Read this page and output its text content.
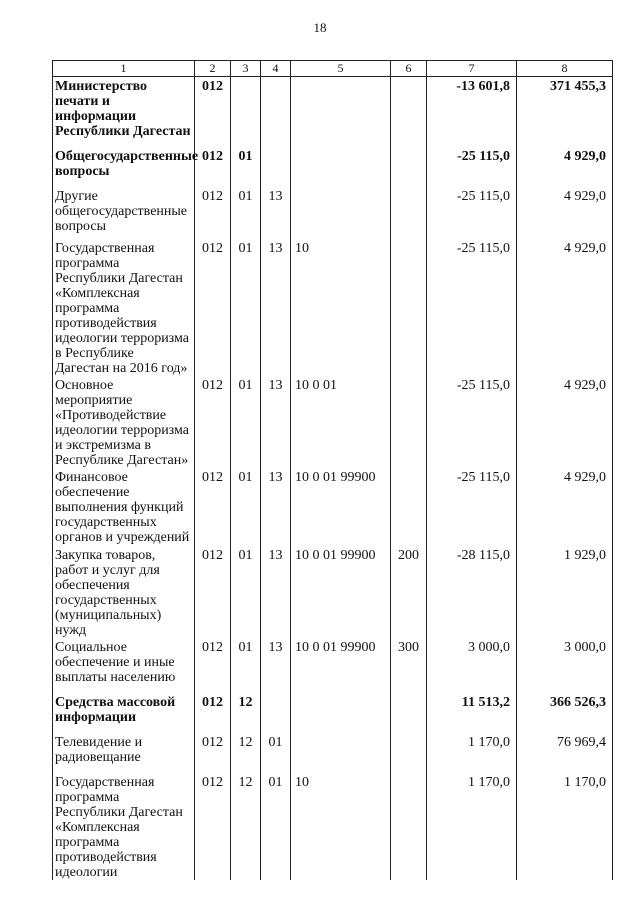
18
1	2	3	4	5	6	7	8
Министерство печати и информации Республики Дагестан	012					-13 601,8	371 455,3
Общегосударственные вопросы	012	01				-25 115,0	4 929,0
Другие общегосударственные вопросы	012	01	13			-25 115,0	4 929,0
Государственная программа Республики Дагестан «Комплексная программа противодействия идеологии терроризма в Республике Дагестан на 2016 год»	012	01	13	10		-25 115,0	4 929,0
Основное мероприятие «Противодействие идеологии терроризма и экстремизма в Республике Дагестан»	012	01	13	10 0 01		-25 115,0	4 929,0
Финансовое обеспечение выполнения функций государственных органов и учреждений	012	01	13	10 0 01 99900		-25 115,0	4 929,0
Закупка товаров, работ и услуг для обеспечения государственных (муниципальных) нужд	012	01	13	10 0 01 99900	200	-28 115,0	1 929,0
Социальное обеспечение и иные выплаты населению	012	01	13	10 0 01 99900	300	3 000,0	3 000,0
Средства массовой информации	012	12				11 513,2	366 526,3
Телевидение и радиовещание	012	12	01			1 170,0	76 969,4
Государственная программа Республики Дагестан «Комплексная программа противодействия идеологии	012	12	01	10		1 170,0	1 170,0
